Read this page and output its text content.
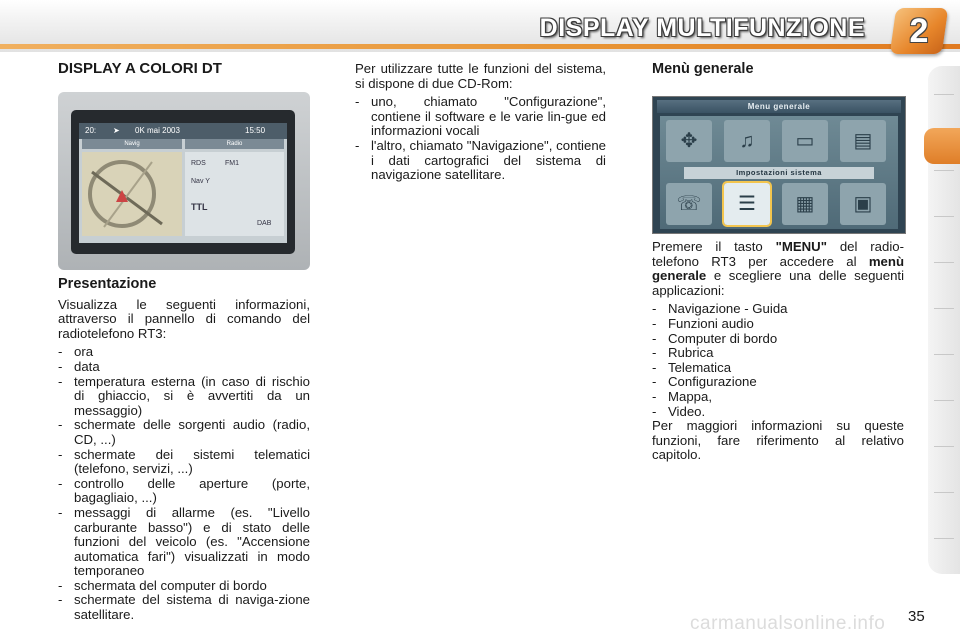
DISPLAY MULTIFUNZIONE	2
DISPLAY A COLORI DT
20: ➤ 0K mai 2003	15:50
Navig	Radio
RDS	FM1
Nav Y
TTL
DAB
Presentazione

Visualizza le seguenti informazioni, attraverso il pannello di comando del radiotelefono RT3:

- ora
- data
- temperatura esterna (in caso di rischio di ghiaccio, si è avvertiti da un messaggio)
- schermate delle sorgenti audio (radio, CD, ...)
- schermate dei sistemi telematici (telefono, servizi, ...)
- controllo delle aperture (porte, bagagliaio, ...)
- messaggi di allarme (es. "Livello carburante basso") e di stato delle funzioni del veicolo (es. "Accensione automatica fari") visualizzati in modo temporaneo
- schermata del computer di bordo
- schermate del sistema di naviga-zione satellitare.

Per utilizzare tutte le funzioni del sistema, si dispone di due CD-Rom:

- uno, chiamato "Configurazione", contiene il software e le varie lin-gue ed informazioni vocali
- l'altro, chiamato "Navigazione", contiene i dati cartografici del sistema di navigazione satellitare.
Menù generale
Menu generale
✥	♫	▭	▤
Impostazioni sistema
☏	☰	▦	▣

Premere il tasto "MENU" del radio-telefono RT3 per accedere al menù generale e scegliere una delle seguenti applicazioni:

- Navigazione - Guida
- Funzioni audio
- Computer di bordo
- Rubrica
- Telematica
- Configurazione
- Mappa,
- Video.

Per maggiori informazioni su queste funzioni, fare riferimento al relativo capitolo.

carmanualsonline.info 35
